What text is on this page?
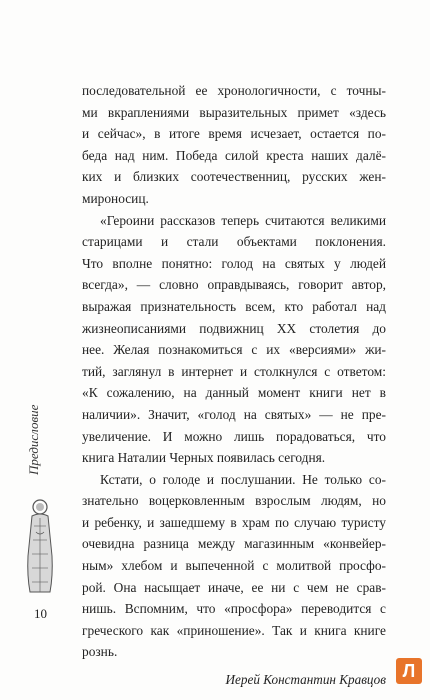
последовательной ее хронологичности, с точны-
ми вкраплениями выразительных примет «здесь
и сейчас», в итоге время исчезает, остается по-
беда над ним. Победа силой креста наших далё-
ких и близких соотечественниц, русских жен-
мироносиц.

«Героини рассказов теперь считаются великими
старицами и стали объектами поклонения.
Что вполне понятно: голод на святых у людей
всегда», — словно оправдываясь, говорит автор,
выражая признательность всем, кто работал над
жизнеописаниями подвижниц XX столетия до
нее. Желая познакомиться с их «версиями» жи-
тий, заглянул в интернет и столкнулся с ответом:
«К сожалению, на данный момент книги нет в
наличии». Значит, «голод на святых» — не пре-
увеличение. И можно лишь порадоваться, что
книга Наталии Черных появилась сегодня.

Кстати, о голоде и послушании. Не только со-
знательно воцерковленным взрослым людям, но
и ребенку, и зашедшему в храм по случаю туристу
очевидна разница между магазинным «конвейер-
ным» хлебом и выпеченной с молитвой просфо-
рой. Она насыщает иначе, ее ни с чем не срав-
нишь. Вспомним, что «просфора» переводится с
греческого как «приношение». Так и книга книге
рознь.

Иерей Константин Кравцов
Предисловие
10
Л
